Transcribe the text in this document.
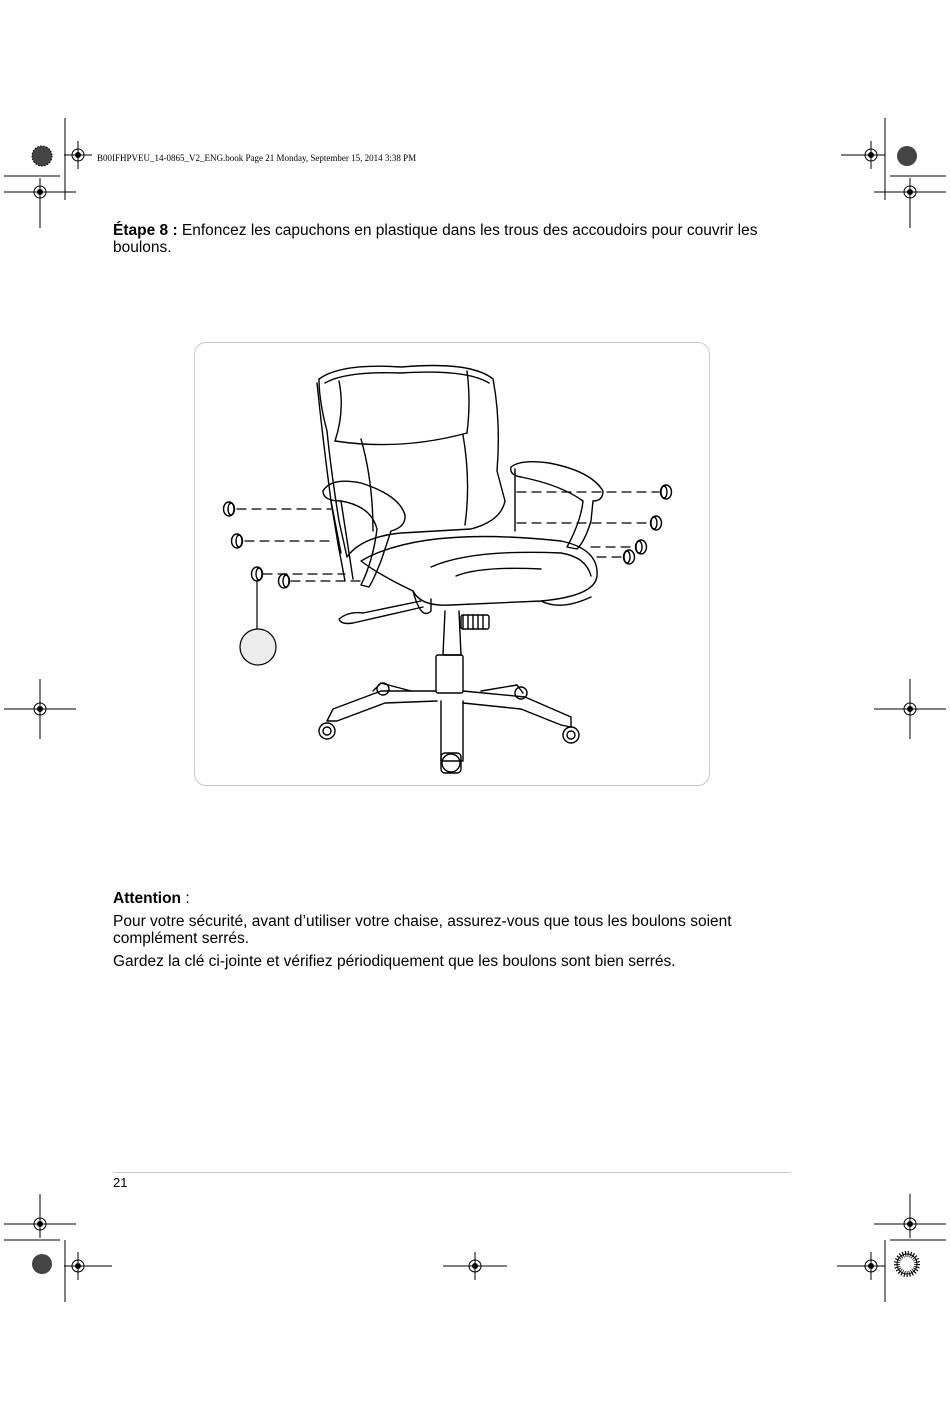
B00IFHPVEU_14-0865_V2_ENG.book Page 21 Monday, September 15, 2014 3:38 PM
Étape 8 : Enfoncez les capuchons en plastique dans les trous des accoudoirs pour couvrir les boulons.
Attention :
Pour votre sécurité, avant d’utiliser votre chaise, assurez-vous que tous les boulons soient complément serrés.
Gardez la clé ci-jointe et vérifiez périodiquement que les boulons sont bien serrés.
21
